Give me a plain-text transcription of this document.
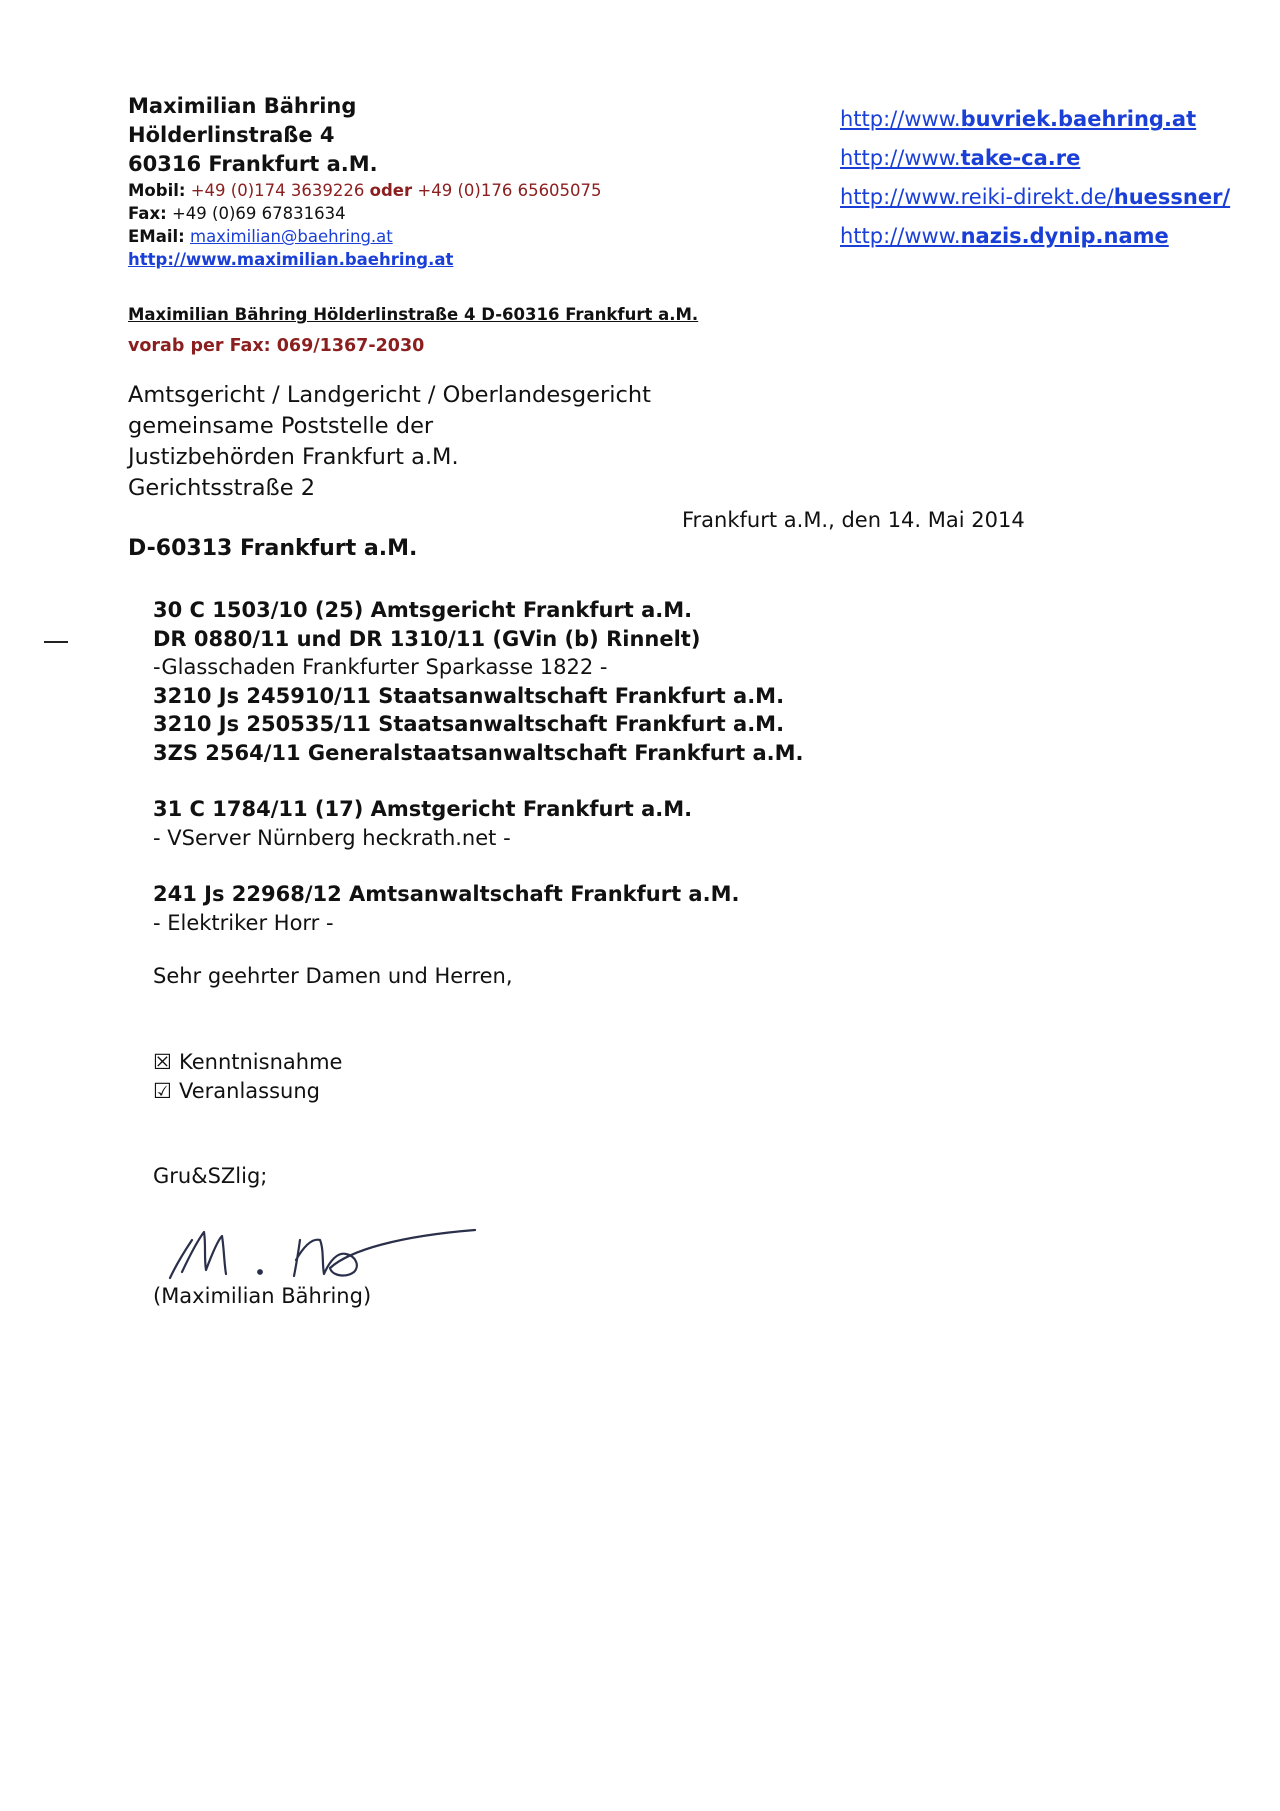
Maximilian Bähring
Hölderlinstraße 4
60316 Frankfurt a.M.
Mobil: +49 (0)174 3639226 oder +49 (0)176 65605075
Fax: +49 (0)69 67831634
EMail: maximilian@baehring.at
http://www.maximilian.baehring.at
http://www.buvriek.baehring.at
http://www.take-ca.re
http://www.reiki-direkt.de/huessner/
http://www.nazis.dynip.name
Maximilian Bähring Hölderlinstraße 4 D-60316 Frankfurt a.M.
vorab per Fax: 069/1367-2030
Amtsgericht / Landgericht / Oberlandesgericht
gemeinsame Poststelle der
Justizbehörden Frankfurt a.M.
Gerichtsstraße 2
Frankfurt a.M., den 14. Mai 2014
D-60313 Frankfurt a.M.
30 C 1503/10 (25) Amtsgericht Frankfurt a.M.
DR 0880/11 und DR 1310/11 (GVin (b) Rinnelt)
-Glasschaden Frankfurter Sparkasse 1822 -
3210 Js 245910/11 Staatsanwaltschaft Frankfurt a.M.
3210 Js 250535/11 Staatsanwaltschaft Frankfurt a.M.
3ZS 2564/11 Generalstaatsanwaltschaft Frankfurt a.M.
31 C 1784/11 (17) Amstgericht Frankfurt a.M.
- VServer Nürnberg heckrath.net -
241 Js 22968/12 Amtsanwaltschaft Frankfurt a.M.
- Elektriker Horr -
Sehr geehrter Damen und Herren,
☒ Kenntnisnahme
☑ Veranlassung
Gru&SZlig;
(Maximilian Bähring)
